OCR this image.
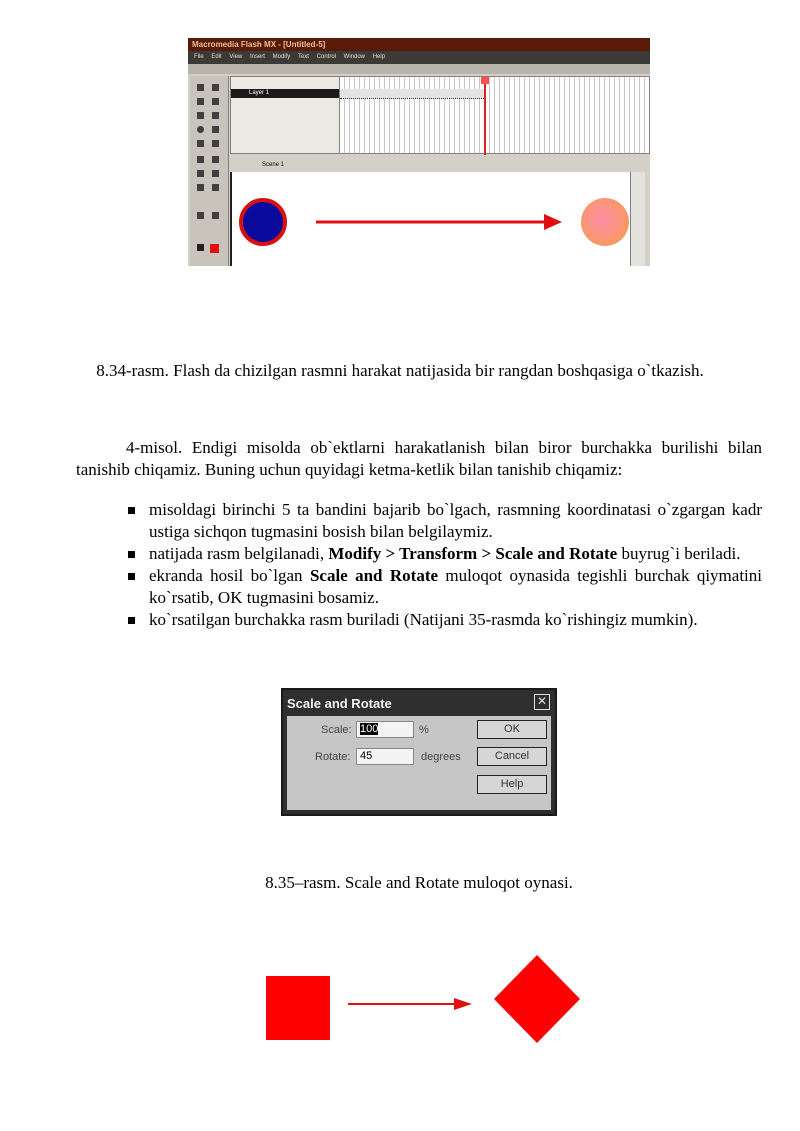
Macromedia Flash MX - [Untitled-5]
File Edit View Insert Modify Text Control Window Help
Layer 1
Scene 1
8.34-rasm. Flash da chizilgan rasmni harakat natijasida bir rangdan boshqasiga o`tkazish.
4-misol. Endigi misolda ob`ektlarni harakatlanish bilan biror burchakka burilishi bilan tanishib chiqamiz. Buning uchun quyidagi ketma-ketlik bilan tanishib chiqamiz:
misoldagi birinchi 5 ta bandini bajarib bo`lgach, rasmning koordinatasi o`zgargan kadr ustiga sichqon tugmasini bosish bilan belgilaymiz.
natijada rasm belgilanadi, Modify > Transform > Scale and Rotate buyrug`i beriladi.
ekranda hosil bo`lgan Scale and Rotate muloqot oynasida tegishli burchak qiymatini ko`rsatib, OK tugmasini bosamiz.
ko`rsatilgan burchakka rasm buriladi (Natijani 35-rasmda ko`rishingiz mumkin).
Scale and Rotate	✕
Scale: 100	%
Rotate: 45	degrees
OK
Cancel
Help
8.35–rasm. Scale and Rotate muloqot oynasi.
